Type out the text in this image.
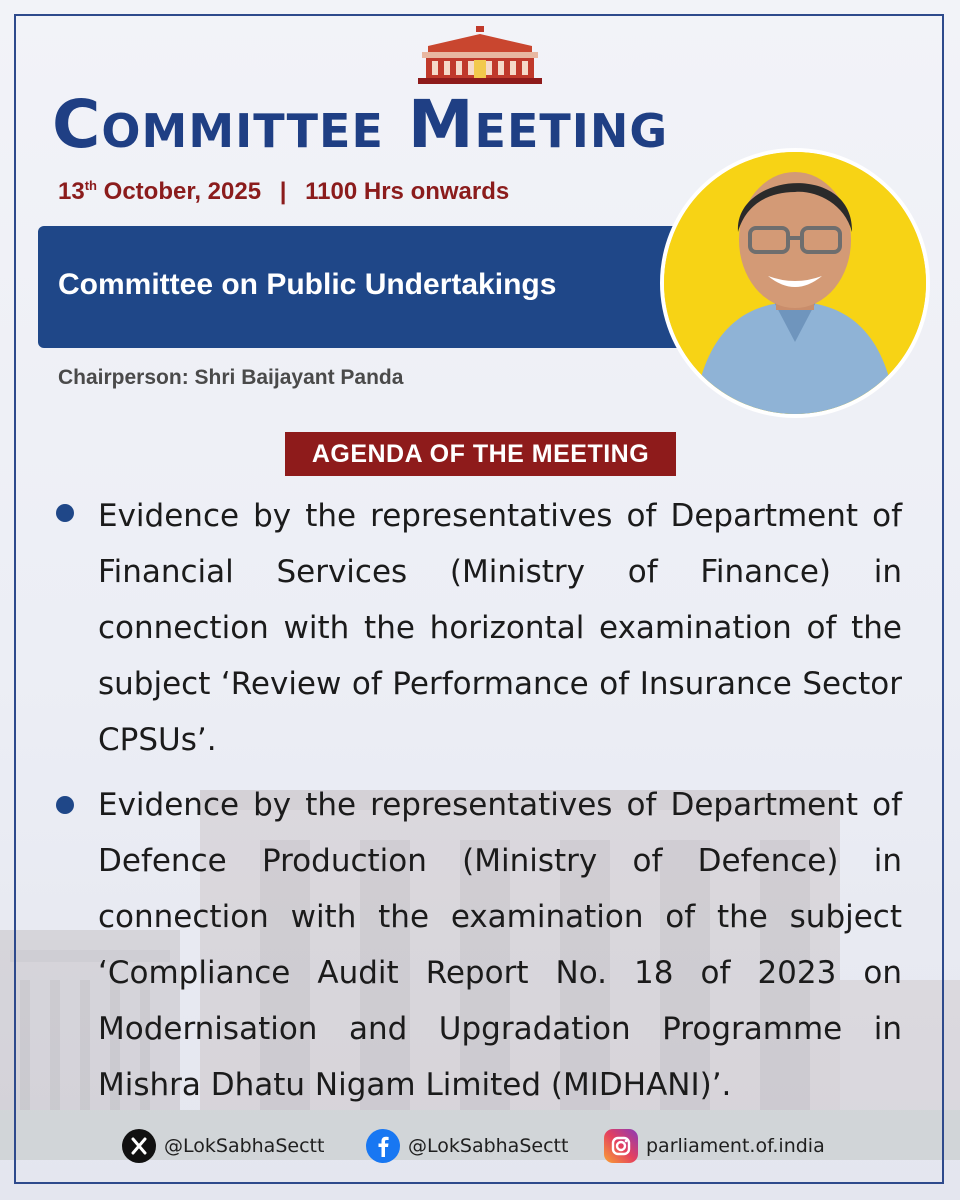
Committee Meeting
13th October, 2025 | 1100 Hrs onwards
Committee on Public Undertakings
Chairperson: Shri Baijayant Panda
AGENDA OF THE MEETING
Evidence by the representatives of Department of Financial Services (Ministry of Finance) in connection with the horizontal examination of the subject ‘Review of Performance of Insurance Sector CPSUs’.
Evidence by the representatives of Department of Defence Production (Ministry of Defence) in connection with the examination of the subject ‘Compliance Audit Report No. 18 of 2023 on Modernisation and Upgradation Programme in Mishra Dhatu Nigam Limited (MIDHANI)’.
@LokSabhaSectt	@LokSabhaSectt	parliament.of.india
